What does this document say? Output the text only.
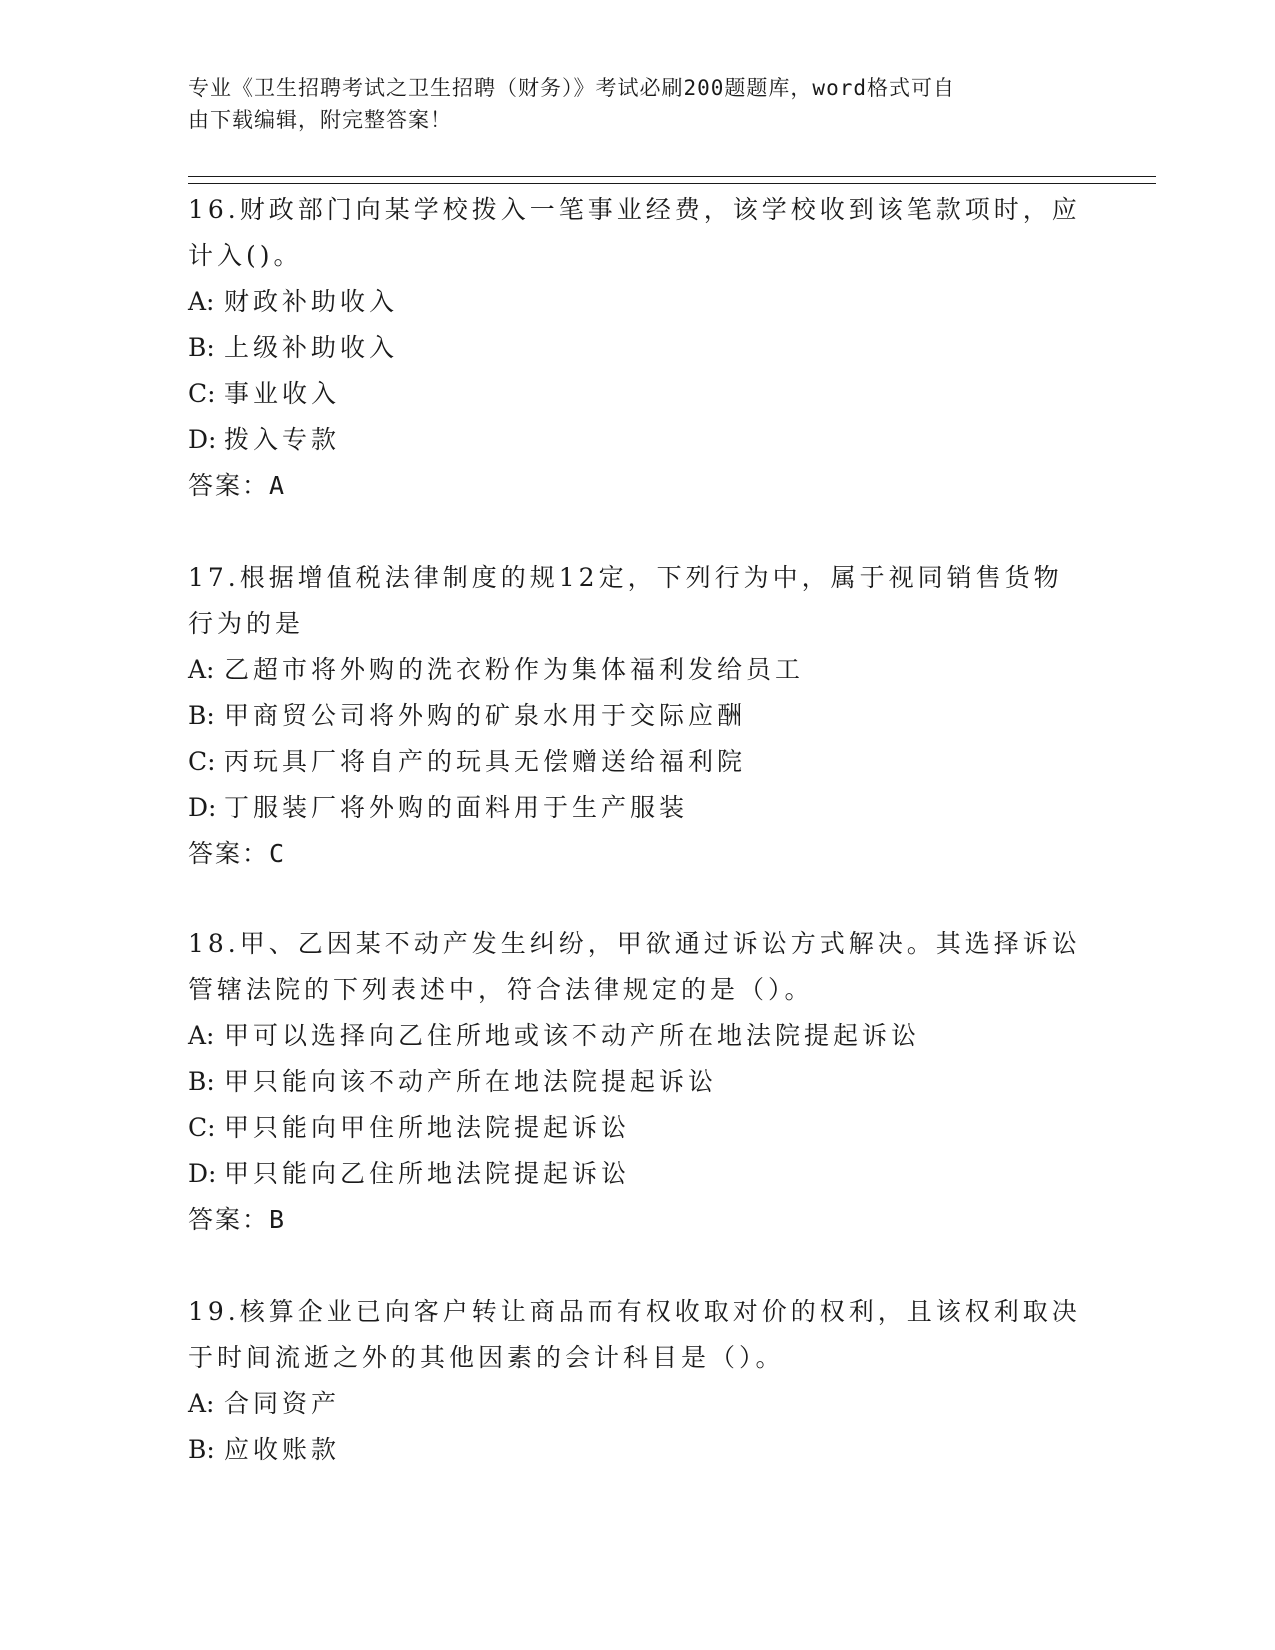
专业《卫生招聘考试之卫生招聘（财务）》考试必刷200题题库，word格式可自
由下载编辑，附完整答案！
16.财政部门向某学校拨入一笔事业经费，该学校收到该笔款项时，应
计入()。
A: 财政补助收入
B: 上级补助收入
C: 事业收入
D: 拨入专款
答案：A
17.根据增值税法律制度的规12定，下列行为中，属于视同销售货物
行为的是
A: 乙超市将外购的洗衣粉作为集体福利发给员工
B: 甲商贸公司将外购的矿泉水用于交际应酬
C: 丙玩具厂将自产的玩具无偿赠送给福利院
D: 丁服装厂将外购的面料用于生产服装
答案：C
18.甲、乙因某不动产发生纠纷，甲欲通过诉讼方式解决。其选择诉讼
管辖法院的下列表述中，符合法律规定的是（）。
A: 甲可以选择向乙住所地或该不动产所在地法院提起诉讼
B: 甲只能向该不动产所在地法院提起诉讼
C: 甲只能向甲住所地法院提起诉讼
D: 甲只能向乙住所地法院提起诉讼
答案：B
19.核算企业已向客户转让商品而有权收取对价的权利，且该权利取决
于时间流逝之外的其他因素的会计科目是（）。
A: 合同资产
B: 应收账款
